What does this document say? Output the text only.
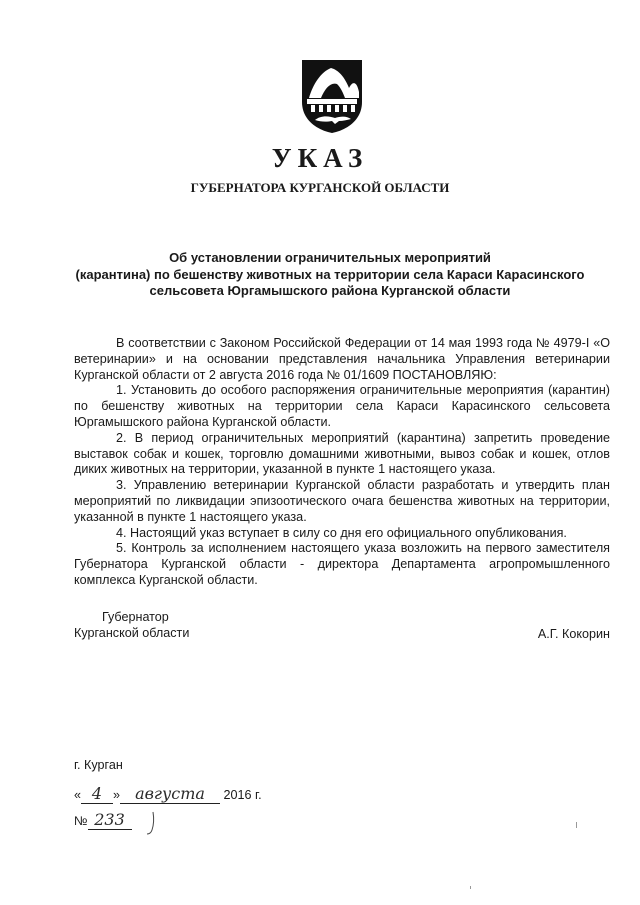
УКАЗ
ГУБЕРНАТОРА КУРГАНСКОЙ ОБЛАСТИ
Об установлении ограничительных мероприятий
(карантина) по бешенству животных на территории села Караси Карасинского
сельсовета Юргамышского района Курганской области

В соответствии с Законом Российской Федерации от 14 мая 1993 года № 4979-I «О ветеринарии» и на основании представления начальника Управления ветеринарии Курганской области от 2 августа 2016 года № 01/1609 ПОСТАНОВЛЯЮ:

1. Установить до особого распоряжения ограничительные мероприятия (карантин) по бешенству животных на территории села Караси Карасинского сельсовета Юргамышского района Курганской области.

2. В период ограничительных мероприятий (карантина) запретить проведение выставок собак и кошек, торговлю домашними животными, вывоз собак и кошек, отлов диких животных на территории, указанной в пункте 1 настоящего указа.

3. Управлению ветеринарии Курганской области разработать и утвердить план мероприятий по ликвидации эпизоотического очага бешенства животных на территории, указанной в пункте 1 настоящего указа.

4. Настоящий указ вступает в силу со дня его официального опубликования.

5. Контроль за исполнением настоящего указа возложить на первого заместителя Губернатора Курганской области - директора Департамента агропромышленного комплекса Курганской области.

Губернатор
Курганской области	А.Г. Кокорин
г. Курган
« 4 » августа 2016 г.
№ 233
